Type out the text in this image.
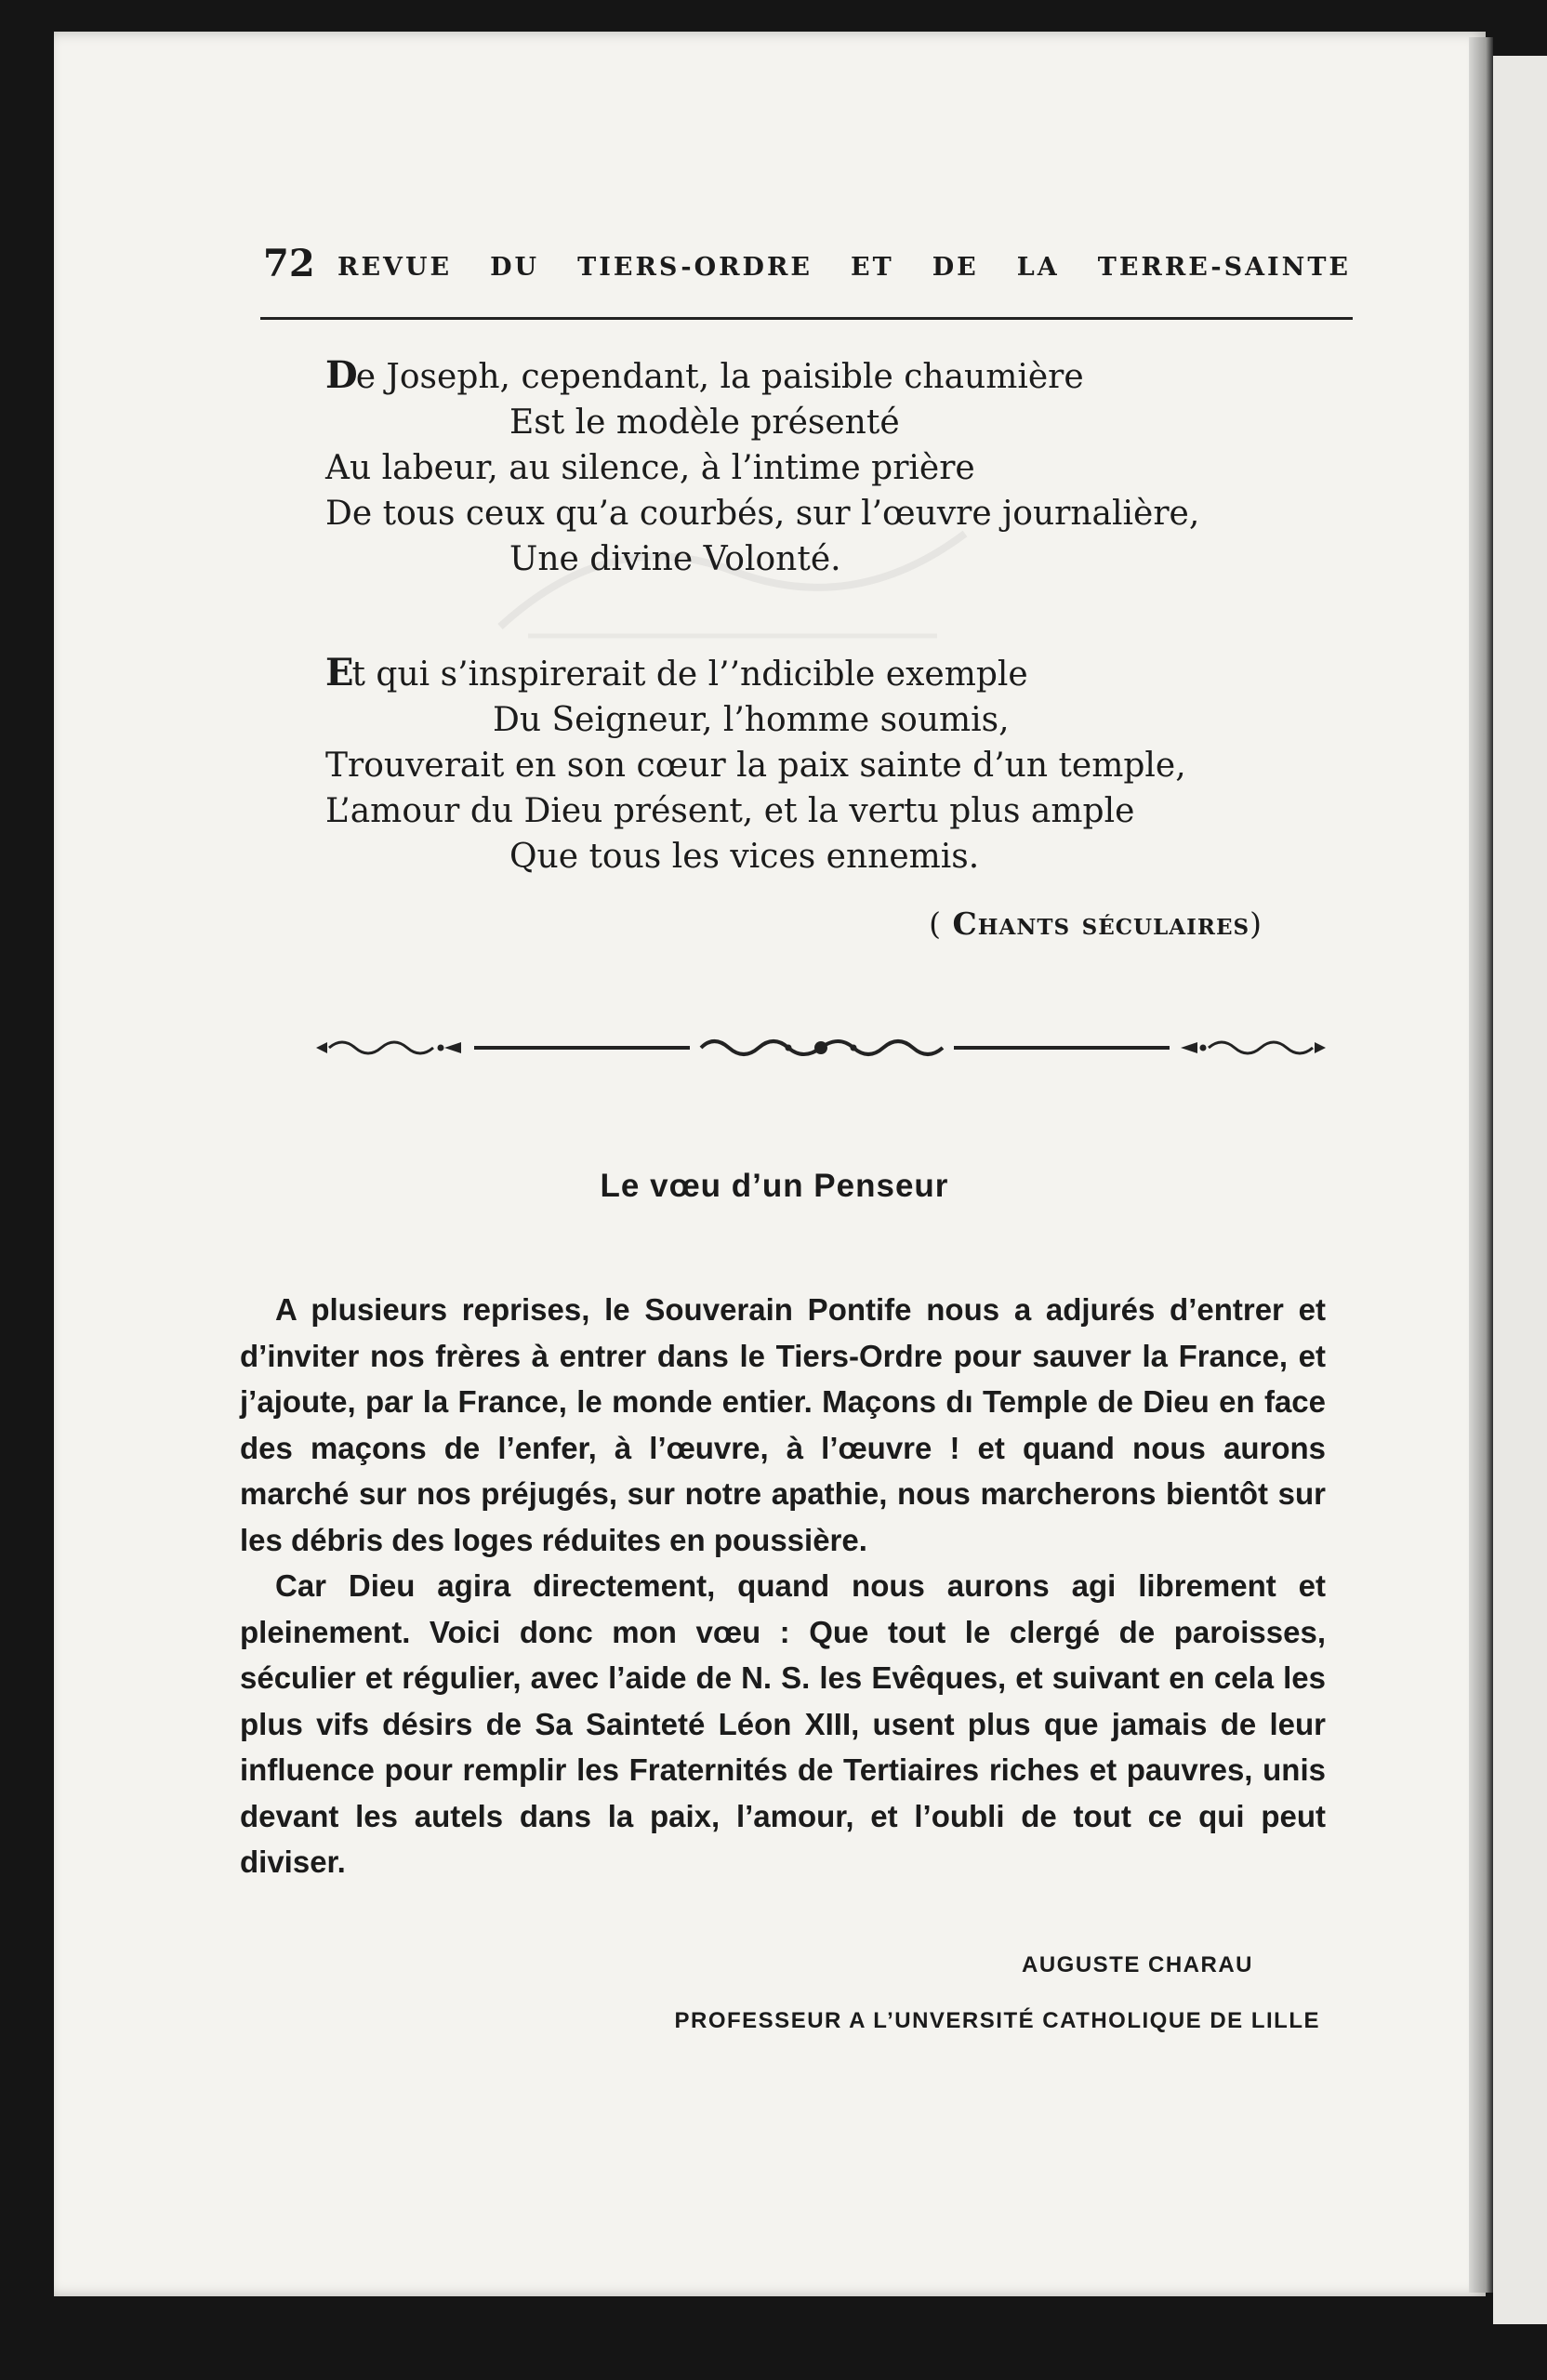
72 REVUE DU TIERS-ORDRE ET DE LA TERRE-SAINTE
De Joseph, cependant, la paisible chaumière
Est le modèle présenté
Au labeur, au silence, à l’intime prière
De tous ceux qu’a courbés, sur l’œuvre journalière,
Une divine Volonté.
Et qui s’inspirerait de l’’ndicible exemple
Du Seigneur, l’homme soumis,
Trouverait en son cœur la paix sainte d’un temple,
L’amour du Dieu présent, et la vertu plus ample
Que tous les vices ennemis.
( Chants séculaires)
Le vœu d’un Penseur

A plusieurs reprises, le Souverain Pontife nous a adjurés d’entrer et d’inviter nos frères à entrer dans le Tiers-Ordre pour sauver la France, et j’ajoute, par la France, le monde entier. Maçons dı Temple de Dieu en face des maçons de l’enfer, à l’œuvre, à l’œuvre ! et quand nous aurons marché sur nos préjugés, sur notre apathie, nous marcherons bientôt sur les débris des loges réduites en poussière.

Car Dieu agira directement, quand nous aurons agi librement et pleinement. Voici donc mon vœu : Que tout le clergé de paroisses, séculier et régulier, avec l’aide de N. S. les Evêques, et suivant en cela les plus vifs désirs de Sa Sainteté Léon XIII, usent plus que jamais de leur influence pour remplir les Fraternités de Tertiaires riches et pauvres, unis devant les autels dans la paix, l’amour, et l’oubli de tout ce qui peut diviser.

AUGUSTE CHARAU
PROFESSEUR A L’UNVERSITÉ CATHOLIQUE DE LILLE
